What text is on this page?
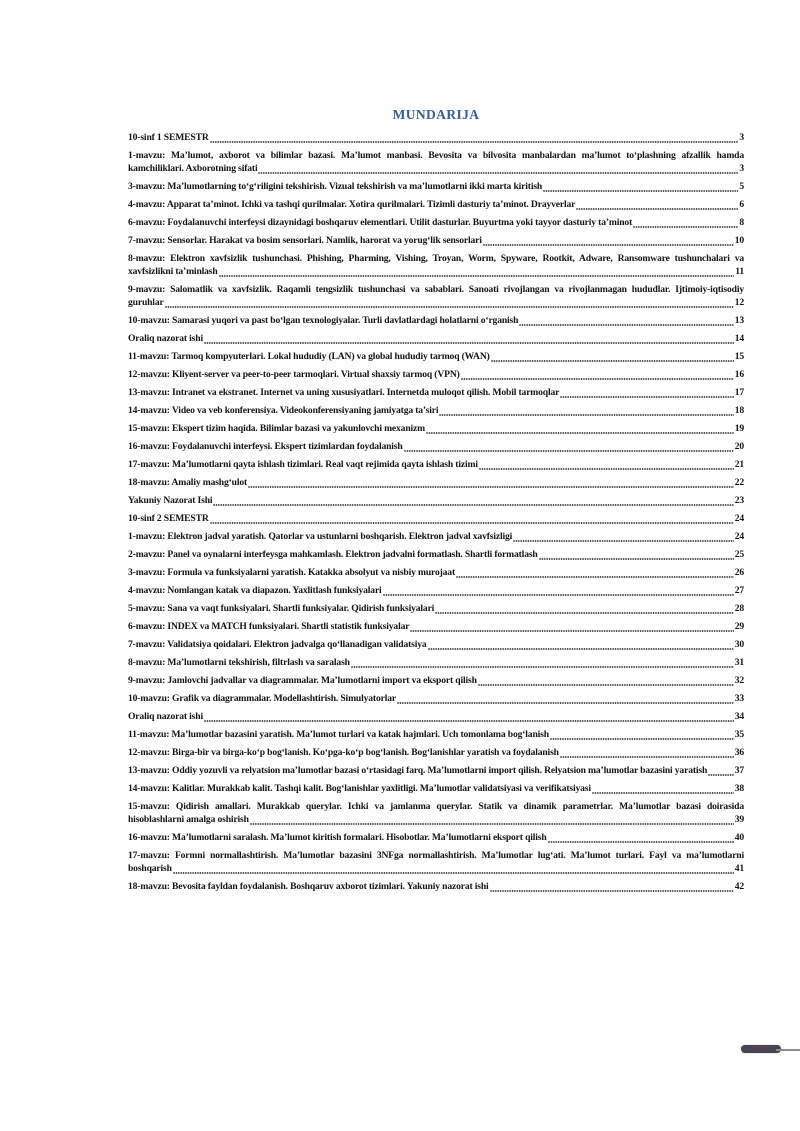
MUNDARIJA
10-sinf 1 SEMESTR	3
1-mavzu: Ma’lumot, axborot va bilimlar bazasi. Ma’lumot manbasi. Bevosita va bilvosita manbalardan ma’lumot to‘plashning afzallik hamda
kamchiliklari. Axborotning sifati	3
3-mavzu: Ma’lumotlarning to‘g‘riligini tekshirish. Vizual tekshirish va ma’lumotlarni ikki marta kiritish	5
4-mavzu: Apparat ta’minot. Ichki va tashqi qurilmalar. Xotira qurilmalari. Tizimli dasturiy ta’minot. Drayverlar	6
6-mavzu: Foydalanuvchi interfeysi dizaynidagi boshqaruv elementlari. Utilit dasturlar. Buyurtma yoki tayyor dasturiy ta’minot	8
7-mavzu: Sensorlar. Harakat va bosim sensorlari. Namlik, harorat va yorug‘lik sensorlari	10
8-mavzu: Elektron xavfsizlik tushunchasi. Phishing, Pharming, Vishing, Troyan, Worm, Spyware, Rootkit, Adware, Ransomware tushunchalari va
xavfsizlikni ta’minlash	11
9-mavzu: Salomatlik va xavfsizlik. Raqamli tengsizlik tushunchasi va sabablari. Sanoati rivojlangan va rivojlanmagan hududlar. Ijtimoiy-iqtisodiy
guruhlar	12
10-mavzu: Samarasi yuqori va past bo‘lgan texnologiyalar. Turli davlatlardagi holatlarni o‘rganish	13
Oraliq nazorat ishi	14
11-mavzu: Tarmoq kompyuterlari. Lokal hududiy (LAN) va global hududiy tarmoq (WAN)	15
12-mavzu: Kliyent-server va peer-to-peer tarmoqlari. Virtual shaxsiy tarmoq (VPN)	16
13-mavzu: Intranet va ekstranet. Internet va uning xususiyatlari. Internetda muloqot qilish. Mobil tarmoqlar	17
14-mavzu: Video va veb konferensiya. Videokonferensiyaning jamiyatga ta’siri	18
15-mavzu: Ekspert tizim haqida. Bilimlar bazasi va yakunlovchi mexanizm	19
16-mavzu: Foydalanuvchi interfeysi. Ekspert tizimlardan foydalanish	20
17-mavzu: Ma’lumotlarni qayta ishlash tizimlari. Real vaqt rejimida qayta ishlash tizimi	21
18-mavzu: Amaliy mashg‘ulot	22
Yakuniy Nazorat Ishi	23
10-sinf 2 SEMESTR	24
1-mavzu: Elektron jadval yaratish. Qatorlar va ustunlarni boshqarish. Elektron jadval xavfsizligi	24
2-mavzu: Panel va oynalarni interfeysga mahkamlash. Elektron jadvalni formatlash. Shartli formatlash	25
3-mavzu: Formula va funksiyalarni yaratish. Katakka absolyut va nisbiy murojaat	26
4-mavzu: Nomlangan katak va diapazon. Yaxlitlash funksiyalari	27
5-mavzu: Sana va vaqt funksiyalari. Shartli funksiyalar. Qidirish funksiyalari	28
6-mavzu: INDEX va MATCH funksiyalari. Shartli statistik funksiyalar	29
7-mavzu: Validatsiya qoidalari. Elektron jadvalga qo‘llanadigan validatsiya	30
8-mavzu: Ma’lumotlarni tekshirish, filtrlash va saralash	31
9-mavzu: Jamlovchi jadvallar va diagrammalar. Ma’lumotlarni import va eksport qilish	32
10-mavzu: Grafik va diagrammalar. Modellashtirish. Simulyatorlar	33
Oraliq nazorat ishi	34
11-mavzu: Ma’lumotlar bazasini yaratish. Ma’lumot turlari va katak hajmlari. Uch tomonlama bog‘lanish	35
12-mavzu: Birga-bir va birga-ko‘p bog‘lanish. Ko‘pga-ko‘p bog‘lanish. Bog‘lanishlar yaratish va foydalanish	36
13-mavzu: Oddiy yozuvli va relyatsion ma’lumotlar bazasi o‘rtasidagi farq. Ma’lumotlarni import qilish. Relyatsion ma’lumotlar bazasini yaratish	37
14-mavzu: Kalitlar. Murakkab kalit. Tashqi kalit. Bog‘lanishlar yaxlitligi. Ma’lumotlar validatsiyasi va verifikatsiyasi	38
15-mavzu: Qidirish amallari. Murakkab querylar. Ichki va jamlanma querylar. Statik va dinamik parametrlar. Ma’lumotlar bazasi doirasida
hisoblashlarni amalga oshirish	39
16-mavzu: Ma’lumotlarni saralash. Ma’lumot kiritish formalari. Hisobotlar. Ma’lumotlarni eksport qilish	40
17-mavzu: Formni normallashtirish. Ma’lumotlar bazasini 3NFga normallashtirish. Ma’lumotlar lug‘ati. Ma’lumot turlari. Fayl va ma’lumotlarni
boshqarish	41
18-mavzu: Bevosita fayldan foydalanish. Boshqaruv axborot tizimlari. Yakuniy nazorat ishi	42
